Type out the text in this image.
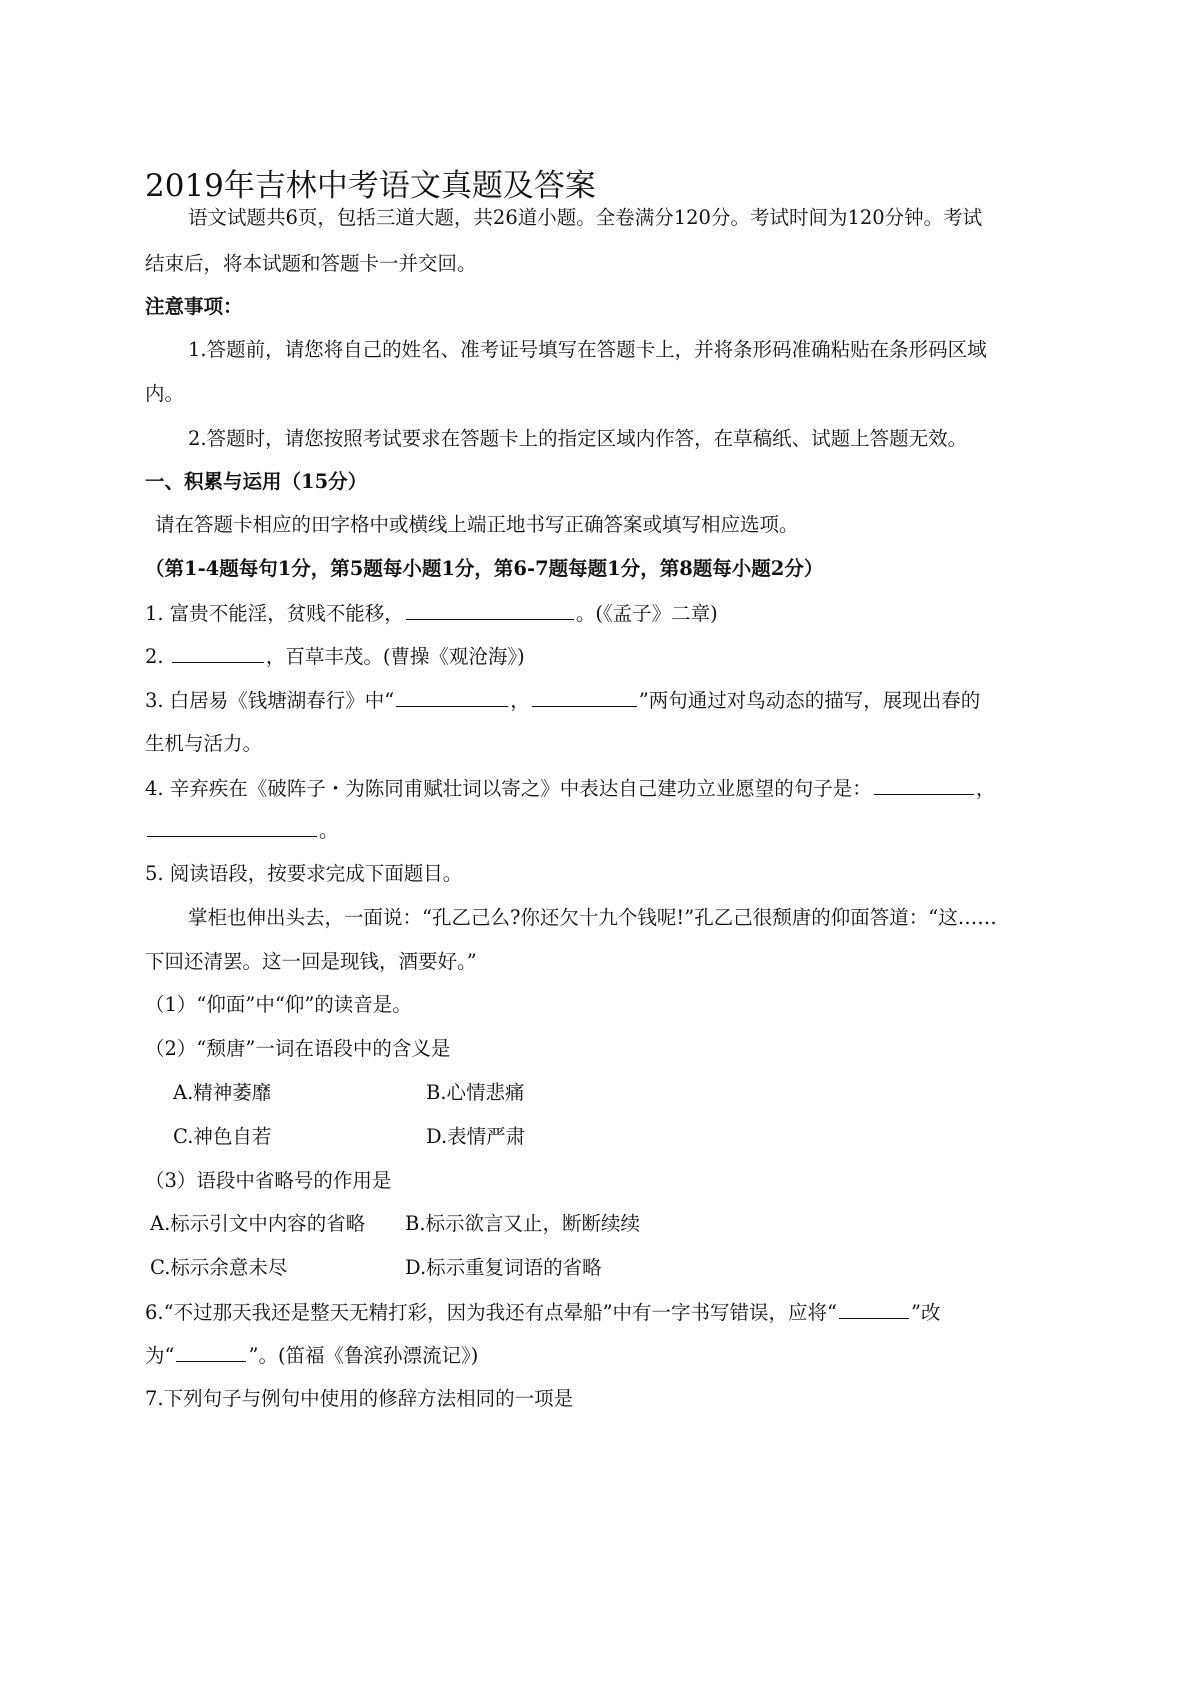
2019年吉林中考语文真题及答案
语文试题共6页，包括三道大题，共26道小题。全卷满分120分。考试时间为120分钟。考试
结束后，将本试题和答题卡一并交回。
注意事项：
1.答题前，请您将自己的姓名、准考证号填写在答题卡上，并将条形码准确粘贴在条形码区域
内。
2.答题时，请您按照考试要求在答题卡上的指定区域内作答，在草稿纸、试题上答题无效。
一、积累与运用（15分）
请在答题卡相应的田字格中或横线上端正地书写正确答案或填写相应选项。
（第1-4题每句1分，第5题每小题1分，第6-7题每题1分，第8题每小题2分）
1. 富贵不能淫，贫贱不能移，	。(《孟子》二章)
2.	，百草丰茂。(曹操《观沧海》)
3. 白居易《钱塘湖春行》中“	，	”两句通过对鸟动态的描写，展现出春的
生机与活力。
4. 辛弃疾在《破阵子・为陈同甫赋壮词以寄之》中表达自己建功立业愿望的句子是：	，
。
5. 阅读语段，按要求完成下面题目。
掌柜也伸出头去，一面说：“孔乙己么?你还欠十九个钱呢!”孔乙己很颓唐的仰面答道：“这……
下回还清罢。这一回是现钱，酒要好。”
（1）“仰面”中“仰”的读音是。
（2）“颓唐”一词在语段中的含义是
A.精神萎靡	B.心情悲痛
C.神色自若	D.表情严肃
（3）语段中省略号的作用是
A.标示引文中内容的省略 B.标示欲言又止，断断续续
C.标示余意未尽	D.标示重复词语的省略
6.“不过那天我还是整天无精打彩，因为我还有点晕船”中有一字书写错误，应将“	”改
为“	”。(笛福《鲁滨孙漂流记》)
7.下列句子与例句中使用的修辞方法相同的一项是
